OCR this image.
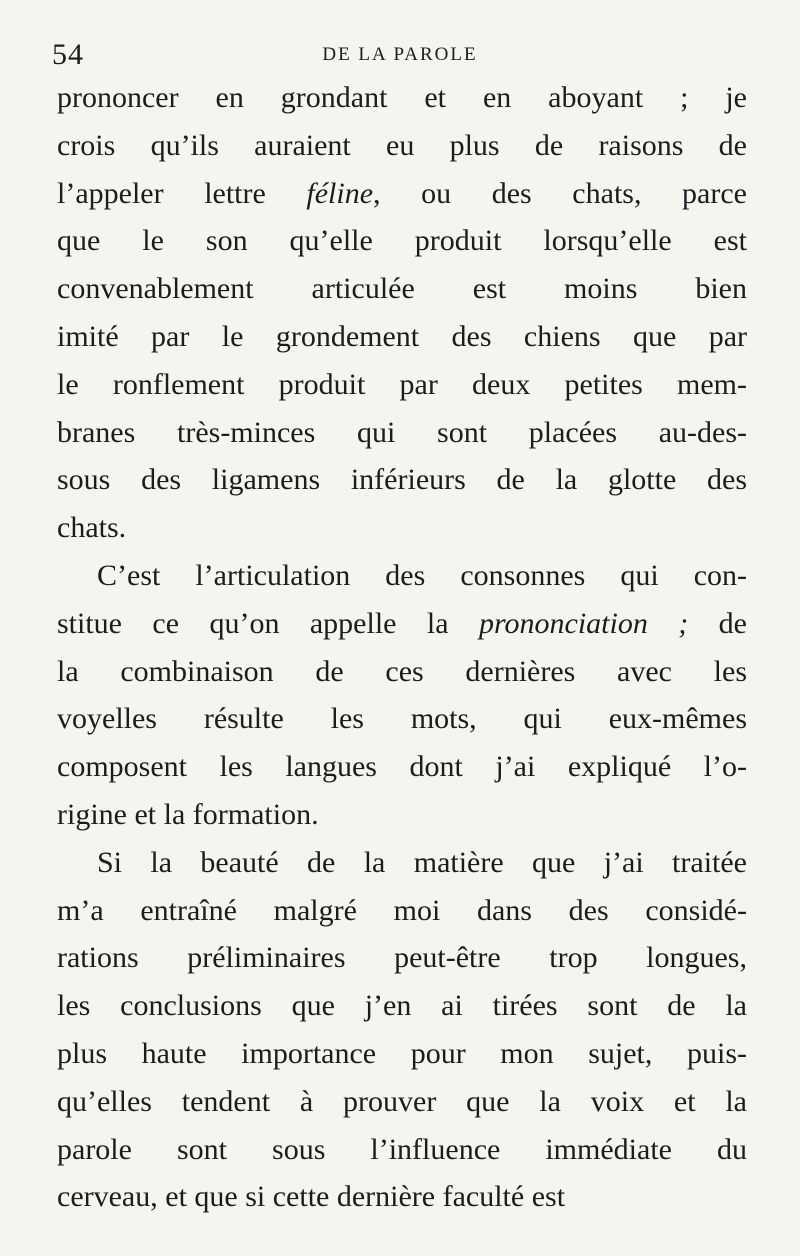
54	DE LA PAROLE
prononcer en grondant et en aboyant ; je
crois qu’ils auraient eu plus de raisons de
l’appeler lettre féline, ou des chats, parce
que le son qu’elle produit lorsqu’elle est
convenablement articulée est moins bien
imité par le grondement des chiens que par
le ronflement produit par deux petites mem-
branes très-minces qui sont placées au-des-
sous des ligamens inférieurs de la glotte des
chats.
C’est l’articulation des consonnes qui con-
stitue ce qu’on appelle la prononciation ; de
la combinaison de ces dernières avec les
voyelles résulte les mots, qui eux-mêmes
composent les langues dont j’ai expliqué l’o-
rigine et la formation.
Si la beauté de la matière que j’ai traitée
m’a entraîné malgré moi dans des considé-
rations préliminaires peut-être trop longues,
les conclusions que j’en ai tirées sont de la
plus haute importance pour mon sujet, puis-
qu’elles tendent à prouver que la voix et la
parole sont sous l’influence immédiate du
cerveau, et que si cette dernière faculté est
